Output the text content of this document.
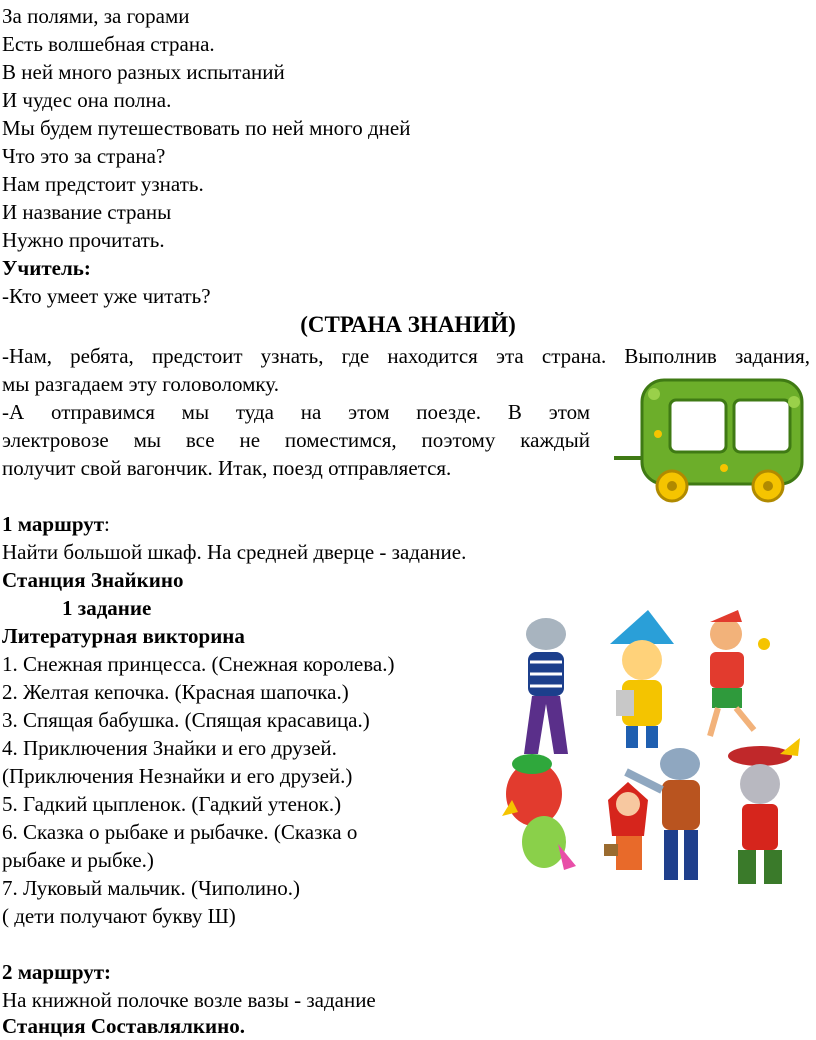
За полями, за горами
Есть волшебная страна.
В ней много разных испытаний
И чудес она полна.
Мы будем путешествовать по ней много дней
Что это за страна?
Нам предстоит узнать.
И название страны
Нужно прочитать.
Учитель:
-Кто умеет уже читать?
(СТРАНА ЗНАНИЙ)
-Нам, ребята, предстоит узнать, где находится эта страна. Выполнив задания,
мы разгадаем эту головоломку.
-А отправимся мы туда на этом поезде. В этом
электровозе мы все не поместимся, поэтому каждый
получит свой вагончик. Итак, поезд отправляется.
1 маршрут:
Найти большой шкаф. На средней дверце - задание.
Станция Знайкино
1 задание
Литературная викторина
1. Снежная принцесса. (Снежная королева.)
2. Желтая кепочка. (Красная шапочка.)
3. Спящая бабушка. (Спящая красавица.)
4. Приключения Знайки и его друзей.
(Приключения Незнайки и его друзей.)
5. Гадкий цыпленок. (Гадкий утенок.)
6. Сказка о рыбаке и рыбачке. (Сказка о
рыбаке и рыбке.)
7. Луковый мальчик. (Чиполино.)
( дети получают букву Ш)
2 маршрут:
На книжной полочке возле вазы - задание
Станция Составлялкино.
